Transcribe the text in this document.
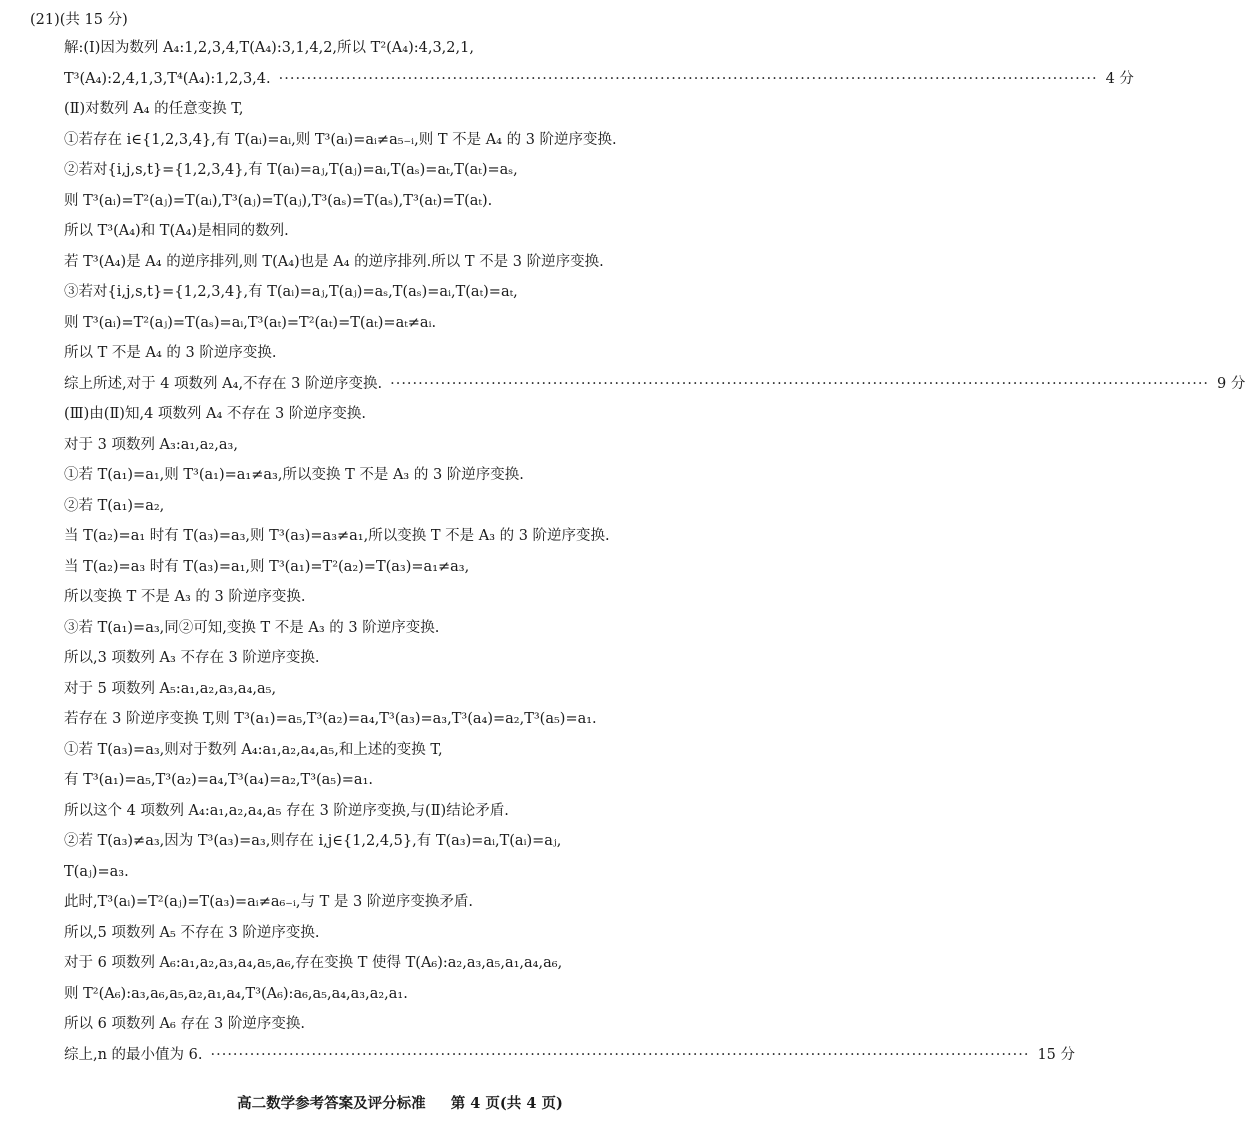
(21)(共 15 分)
解:(Ⅰ)因为数列 A₄:1,2,3,4,T(A₄):3,1,4,2,所以 T²(A₄):4,3,2,1,
T³(A₄):2,4,1,3,T⁴(A₄):1,2,3,4. ·················································································································································· 4 分
(Ⅱ)对数列 A₄ 的任意变换 T,
①若存在 i∈{1,2,3,4},有 T(aᵢ)=aᵢ,则 T³(aᵢ)=aᵢ≠a₅₋ᵢ,则 T 不是 A₄ 的 3 阶逆序变换.
②若对{i,j,s,t}={1,2,3,4},有 T(aᵢ)=aⱼ,T(aⱼ)=aᵢ,T(aₛ)=aₜ,T(aₜ)=aₛ,
则 T³(aᵢ)=T²(aⱼ)=T(aᵢ),T³(aⱼ)=T(aⱼ),T³(aₛ)=T(aₛ),T³(aₜ)=T(aₜ).
所以 T³(A₄)和 T(A₄)是相同的数列.
若 T³(A₄)是 A₄ 的逆序排列,则 T(A₄)也是 A₄ 的逆序排列.所以 T 不是 3 阶逆序变换.
③若对{i,j,s,t}={1,2,3,4},有 T(aᵢ)=aⱼ,T(aⱼ)=aₛ,T(aₛ)=aᵢ,T(aₜ)=aₜ,
则 T³(aᵢ)=T²(aⱼ)=T(aₛ)=aᵢ,T³(aₜ)=T²(aₜ)=T(aₜ)=aₜ≠aᵢ.
所以 T 不是 A₄ 的 3 阶逆序变换.
综上所述,对于 4 项数列 A₄,不存在 3 阶逆序变换. ·················································································································································· 9 分
(Ⅲ)由(Ⅱ)知,4 项数列 A₄ 不存在 3 阶逆序变换.
对于 3 项数列 A₃:a₁,a₂,a₃,
①若 T(a₁)=a₁,则 T³(a₁)=a₁≠a₃,所以变换 T 不是 A₃ 的 3 阶逆序变换.
②若 T(a₁)=a₂,
当 T(a₂)=a₁ 时有 T(a₃)=a₃,则 T³(a₃)=a₃≠a₁,所以变换 T 不是 A₃ 的 3 阶逆序变换.
当 T(a₂)=a₃ 时有 T(a₃)=a₁,则 T³(a₁)=T²(a₂)=T(a₃)=a₁≠a₃,
所以变换 T 不是 A₃ 的 3 阶逆序变换.
③若 T(a₁)=a₃,同②可知,变换 T 不是 A₃ 的 3 阶逆序变换.
所以,3 项数列 A₃ 不存在 3 阶逆序变换.
对于 5 项数列 A₅:a₁,a₂,a₃,a₄,a₅,
若存在 3 阶逆序变换 T,则 T³(a₁)=a₅,T³(a₂)=a₄,T³(a₃)=a₃,T³(a₄)=a₂,T³(a₅)=a₁.
①若 T(a₃)=a₃,则对于数列 A₄:a₁,a₂,a₄,a₅,和上述的变换 T,
有 T³(a₁)=a₅,T³(a₂)=a₄,T³(a₄)=a₂,T³(a₅)=a₁.
所以这个 4 项数列 A₄:a₁,a₂,a₄,a₅ 存在 3 阶逆序变换,与(Ⅱ)结论矛盾.
②若 T(a₃)≠a₃,因为 T³(a₃)=a₃,则存在 i,j∈{1,2,4,5},有 T(a₃)=aᵢ,T(aᵢ)=aⱼ,
T(aⱼ)=a₃.
此时,T³(aᵢ)=T²(aⱼ)=T(a₃)=aᵢ≠a₆₋ᵢ,与 T 是 3 阶逆序变换矛盾.
所以,5 项数列 A₅ 不存在 3 阶逆序变换.
对于 6 项数列 A₆:a₁,a₂,a₃,a₄,a₅,a₆,存在变换 T 使得 T(A₆):a₂,a₃,a₅,a₁,a₄,a₆,
则 T²(A₆):a₃,a₆,a₅,a₂,a₁,a₄,T³(A₆):a₆,a₅,a₄,a₃,a₂,a₁.
所以 6 项数列 A₆ 存在 3 阶逆序变换.
综上,n 的最小值为 6. ·················································································································································· 15 分
高二数学参考答案及评分标准 第 4 页(共 4 页)
